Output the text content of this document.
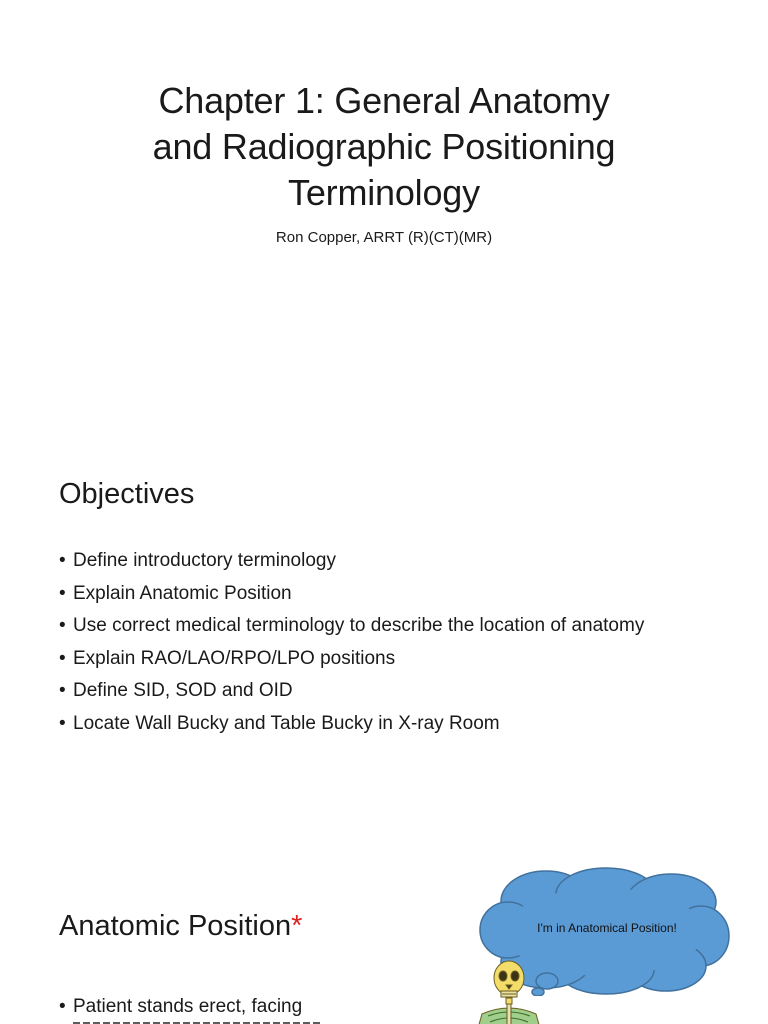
Chapter 1: General Anatomy
and Radiographic Positioning
Terminology

Ron Copper, ARRT (R)(CT)(MR)

Objectives
• Define introductory terminology
• Explain Anatomic Position
• Use correct medical terminology to describe the location of anatomy
• Explain RAO/LAO/RPO/LPO positions
• Define SID, SOD and OID
• Locate Wall Bucky and Table Bucky in X-ray Room
Anatomic Position*
• Patient stands erect, facing
I'm in Anatomical Position!
